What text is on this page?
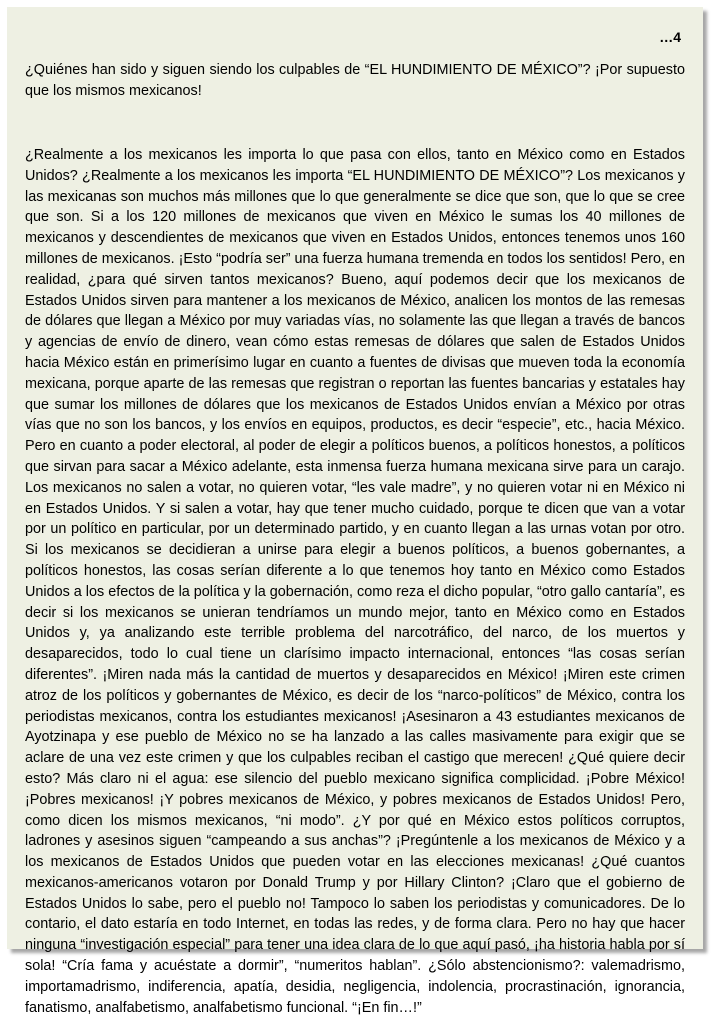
…4

¿Quiénes han sido y siguen siendo los culpables de “EL HUNDIMIENTO DE MÉXICO”? ¡Por supuesto que los mismos mexicanos!

¿Realmente a los mexicanos les importa lo que pasa con ellos, tanto en México como en Estados Unidos? ¿Realmente a los mexicanos les importa “EL HUNDIMIENTO DE MÉXICO”? Los mexicanos y las mexicanas son muchos más millones que lo que generalmente se dice que son, que lo que se cree que son. Si a los 120 millones de mexicanos que viven en México le sumas los 40 millones de mexicanos y descendientes de mexicanos que viven en Estados Unidos, entonces tenemos unos 160 millones de mexicanos. ¡Esto “podría ser” una fuerza humana tremenda en todos los sentidos! Pero, en realidad, ¿para qué sirven tantos mexicanos? Bueno, aquí podemos decir que los mexicanos de Estados Unidos sirven para mantener a los mexicanos de México, analicen los montos de las remesas de dólares que llegan a México por muy variadas vías, no solamente las que llegan a través de bancos y agencias de envío de dinero, vean cómo estas remesas de dólares que salen de Estados Unidos hacia México están en primerísimo lugar en cuanto a fuentes de divisas que mueven toda la economía mexicana, porque aparte de las remesas que registran o reportan las fuentes bancarias y estatales hay que sumar los millones de dólares que los mexicanos de Estados Unidos envían a México por otras vías que no son los bancos, y los envíos en equipos, productos, es decir “especie”, etc., hacia México. Pero en cuanto a poder electoral, al poder de elegir a políticos buenos, a políticos honestos, a políticos que sirvan para sacar a México adelante, esta inmensa fuerza humana mexicana sirve para un carajo. Los mexicanos no salen a votar, no quieren votar, “les vale madre”, y no quieren votar ni en México ni en Estados Unidos. Y si salen a votar, hay que tener mucho cuidado, porque te dicen que van a votar por un político en particular, por un determinado partido, y en cuanto llegan a las urnas votan por otro. Si los mexicanos se decidieran a unirse para elegir a buenos políticos, a buenos gobernantes, a políticos honestos, las cosas serían diferente a lo que tenemos hoy tanto en México como Estados Unidos a los efectos de la política y la gobernación, como reza el dicho popular, “otro gallo cantaría”, es decir si los mexicanos se unieran tendríamos un mundo mejor, tanto en México como en Estados Unidos y, ya analizando este terrible problema del narcotráfico, del narco, de los muertos y desaparecidos, todo lo cual tiene un clarísimo impacto internacional, entonces “las cosas serían diferentes”. ¡Miren nada más la cantidad de muertos y desaparecidos en México! ¡Miren este crimen atroz de los políticos y gobernantes de México, es decir de los “narco-políticos” de México, contra los periodistas mexicanos, contra los estudiantes mexicanos! ¡Asesinaron a 43 estudiantes mexicanos de Ayotzinapa y ese pueblo de México no se ha lanzado a las calles masivamente para exigir que se aclare de una vez este crimen y que los culpables reciban el castigo que merecen! ¿Qué quiere decir esto? Más claro ni el agua: ese silencio del pueblo mexicano significa complicidad. ¡Pobre México! ¡Pobres mexicanos! ¡Y pobres mexicanos de México, y pobres mexicanos de Estados Unidos! Pero, como dicen los mismos mexicanos, “ni modo”. ¿Y por qué en México estos políticos corruptos, ladrones y asesinos siguen “campeando a sus anchas”? ¡Pregúntenle a los mexicanos de México y a los mexicanos de Estados Unidos que pueden votar en las elecciones mexicanas! ¿Qué cuantos mexicanos-americanos votaron por Donald Trump y por Hillary Clinton? ¡Claro que el gobierno de Estados Unidos lo sabe, pero el pueblo no! Tampoco lo saben los periodistas y comunicadores. De lo contario, el dato estaría en todo Internet, en todas las redes, y de forma clara. Pero no hay que hacer ninguna “investigación especial” para tener una idea clara de lo que aquí pasó, ¡ha historia habla por sí sola! “Cría fama y acuéstate a dormir”, “numeritos hablan”. ¿Sólo abstencionismo?: valemadrismo, importamadrismo, indiferencia, apatía, desidia, negligencia, indolencia, procrastinación, ignorancia, fanatismo, analfabetismo, analfabetismo funcional. “¡En fin…!”
